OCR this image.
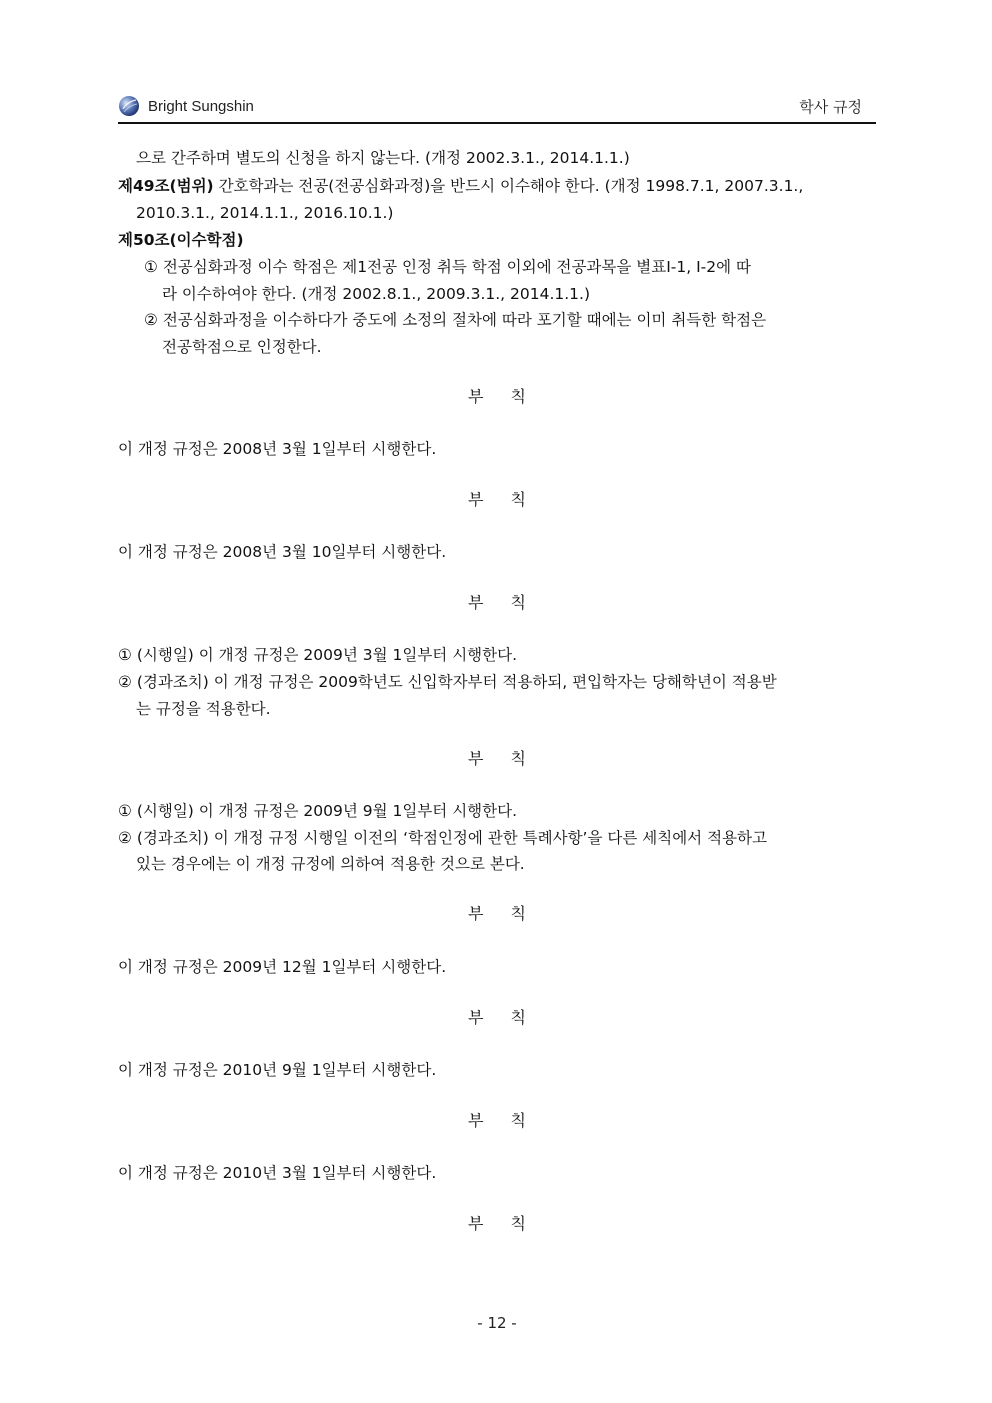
Bright Sungshin	학사 규정
으로 간주하며 별도의 신청을 하지 않는다. (개정 2002.3.1., 2014.1.1.)
제49조(범위) 간호학과는 전공(전공심화과정)을 반드시 이수해야 한다. (개정 1998.7.1, 2007.3.1.,
2010.3.1., 2014.1.1., 2016.10.1.)
제50조(이수학점)
① 전공심화과정 이수 학점은 제1전공 인정 취득 학점 이외에 전공과목을 별표Ⅰ-1, Ⅰ-2에 따
라 이수하여야 한다. (개정 2002.8.1., 2009.3.1., 2014.1.1.)
② 전공심화과정을 이수하다가 중도에 소정의 절차에 따라 포기할 때에는 이미 취득한 학점은
전공학점으로 인정한다.
부 칙
이 개정 규정은 2008년 3월 1일부터 시행한다.
부 칙
이 개정 규정은 2008년 3월 10일부터 시행한다.
부 칙
① (시행일) 이 개정 규정은 2009년 3월 1일부터 시행한다.
② (경과조치) 이 개정 규정은 2009학년도 신입학자부터 적용하되, 편입학자는 당해학년이 적용받
는 규정을 적용한다.
부 칙
① (시행일) 이 개정 규정은 2009년 9월 1일부터 시행한다.
② (경과조치) 이 개정 규정 시행일 이전의 ‘학점인정에 관한 특례사항’을 다른 세칙에서 적용하고
있는 경우에는 이 개정 규정에 의하여 적용한 것으로 본다.
부 칙
이 개정 규정은 2009년 12월 1일부터 시행한다.
부 칙
이 개정 규정은 2010년 9월 1일부터 시행한다.
부 칙
이 개정 규정은 2010년 3월 1일부터 시행한다.
부 칙
- 12 -
